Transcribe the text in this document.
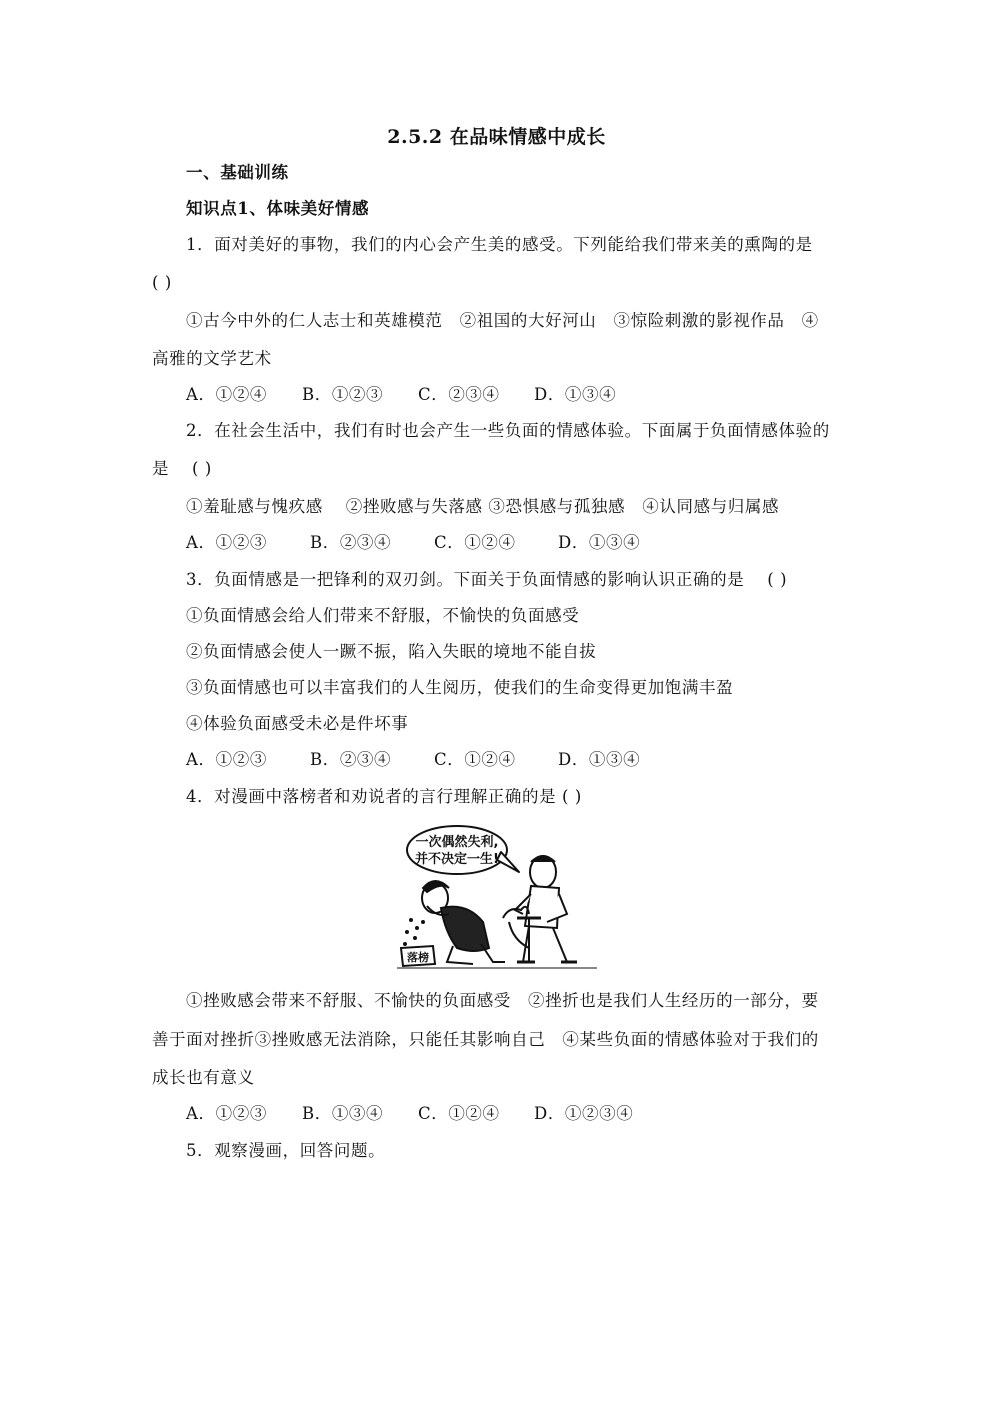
2.5.2 在品味情感中成长
一、基础训练
知识点1、体味美好情感
1．面对美好的事物，我们的内心会产生美的感受。下列能给我们带来美的熏陶的是
( )
①古今中外的仁人志士和英雄模范　②祖国的大好河山　③惊险刺激的影视作品　④
高雅的文学艺术
A．①②④ B．①②③ C．②③④ D．①③④
2．在社会生活中，我们有时也会产生一些负面的情感体验。下面属于负面情感体验的
是　 ( )
①羞耻感与愧疚感　 ②挫败感与失落感 ③恐惧感与孤独感　④认同感与归属感
A．①②③	B．②③④	C．①②④	D．①③④
3．负面情感是一把锋利的双刃剑。下面关于负面情感的影响认识正确的是　 ( )
①负面情感会给人们带来不舒服，不愉快的负面感受
②负面情感会使人一蹶不振，陷入失眠的境地不能自拔
③负面情感也可以丰富我们的人生阅历，使我们的生命变得更加饱满丰盈
④体验负面感受未必是件坏事
A．①②③	B．②③④	C．①②④	D．①③④
4．对漫画中落榜者和劝说者的言行理解正确的是 ( )
一次偶然失利,
并不决定一生!
落榜
①挫败感会带来不舒服、不愉快的负面感受　②挫折也是我们人生经历的一部分，要
善于面对挫折③挫败感无法消除，只能任其影响自己　④某些负面的情感体验对于我们的
成长也有意义
A．①②③ B．①③④ C．①②④ D．①②③④
5．观察漫画，回答问题。
